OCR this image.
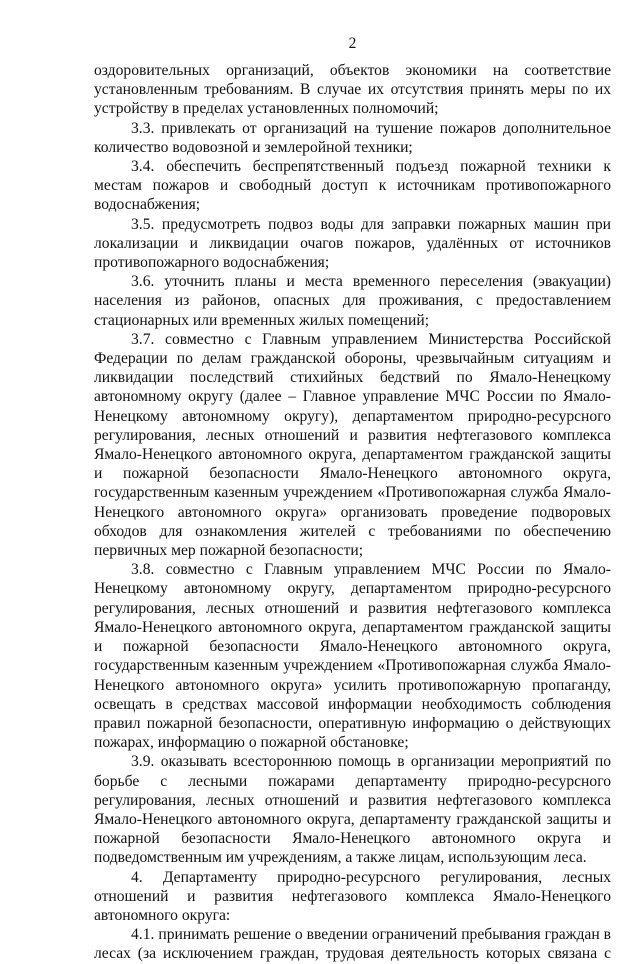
2

оздоровительных организаций, объектов экономики на соответствие установленным требованиям. В случае их отсутствия принять меры по их устройству в пределах установленных полномочий;

3.3. привлекать от организаций на тушение пожаров дополнительное количество водовозной и землеройной техники;

3.4. обеспечить беспрепятственный подъезд пожарной техники к местам пожаров и свободный доступ к источникам противопожарного водоснабжения;

3.5. предусмотреть подвоз воды для заправки пожарных машин при локализации и ликвидации очагов пожаров, удалённых от источников противопожарного водоснабжения;

3.6. уточнить планы и места временного переселения (эвакуации) населения из районов, опасных для проживания, с предоставлением стационарных или временных жилых помещений;

3.7. совместно с Главным управлением Министерства Российской Федерации по делам гражданской обороны, чрезвычайным ситуациям и ликвидации последствий стихийных бедствий по Ямало-Ненецкому автономному округу (далее – Главное управление МЧС России по Ямало-Ненецкому автономному округу), департаментом природно-ресурсного регулирования, лесных отношений и развития нефтегазового комплекса Ямало-Ненецкого автономного округа, департаментом гражданской защиты и пожарной безопасности Ямало-Ненецкого автономного округа, государственным казенным учреждением «Противопожарная служба Ямало-Ненецкого автономного округа» организовать проведение подворовых обходов для ознакомления жителей с требованиями по обеспечению первичных мер пожарной безопасности;

3.8. совместно с Главным управлением МЧС России по Ямало-Ненецкому автономному округу, департаментом природно-ресурсного регулирования, лесных отношений и развития нефтегазового комплекса Ямало-Ненецкого автономного округа, департаментом гражданской защиты и пожарной безопасности Ямало-Ненецкого автономного округа, государственным казенным учреждением «Противопожарная служба Ямало-Ненецкого автономного округа» усилить противопожарную пропаганду, освещать в средствах массовой информации необходимость соблюдения правил пожарной безопасности, оперативную информацию о действующих пожарах, информацию о пожарной обстановке;

3.9. оказывать всестороннюю помощь в организации мероприятий по борьбе с лесными пожарами департаменту природно-ресурсного регулирования, лесных отношений и развития нефтегазового комплекса Ямало-Ненецкого автономного округа, департаменту гражданской защиты и пожарной безопасности Ямало-Ненецкого автономного округа и подведомственным им учреждениям, а также лицам, использующим леса.

4. Департаменту природно-ресурсного регулирования, лесных отношений и развития нефтегазового комплекса Ямало-Ненецкого автономного округа:

4.1. принимать решение о введении ограничений пребывания граждан в лесах (за исключением граждан, трудовая деятельность которых связана с
